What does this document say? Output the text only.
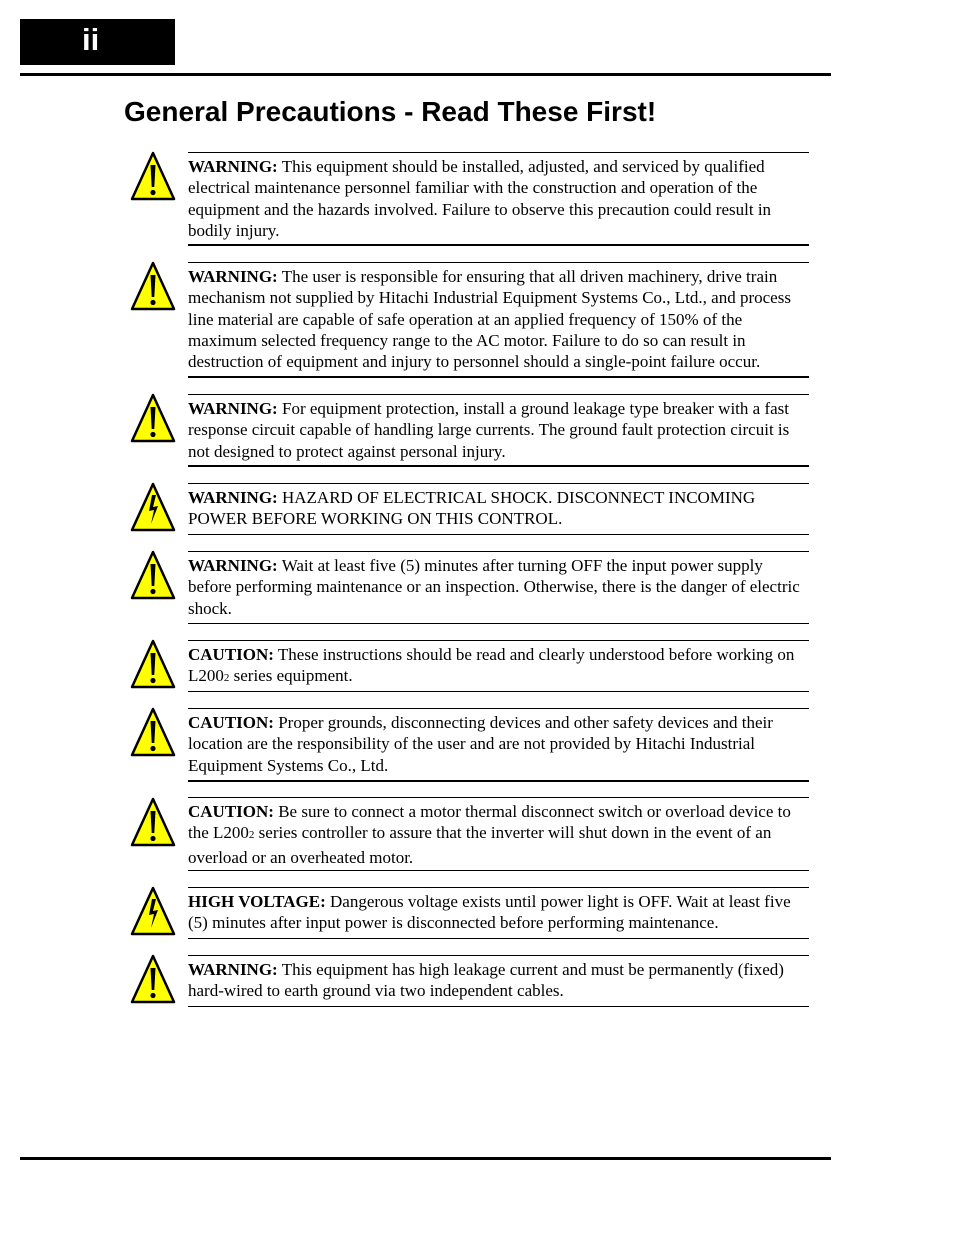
ii
General Precautions - Read These First!

WARNING: This equipment should be installed, adjusted, and serviced by qualified electrical maintenance personnel familiar with the construction and operation of the equipment and the hazards involved. Failure to observe this precaution could result in bodily injury.

WARNING: The user is responsible for ensuring that all driven machinery, drive train mechanism not supplied by Hitachi Industrial Equipment Systems Co., Ltd., and process line material are capable of safe operation at an applied frequency of 150% of the maximum selected frequency range to the AC motor. Failure to do so can result in destruction of equipment and injury to personnel should a single-point failure occur.

WARNING: For equipment protection, install a ground leakage type breaker with a fast response circuit capable of handling large currents. The ground fault protection circuit is not designed to protect against personal injury.

WARNING: HAZARD OF ELECTRICAL SHOCK. DISCONNECT INCOMING POWER BEFORE WORKING ON THIS CONTROL.

WARNING: Wait at least five (5) minutes after turning OFF the input power supply before performing maintenance or an inspection. Otherwise, there is the danger of electric shock.

CAUTION: These instructions should be read and clearly understood before working on L2002 series equipment.

CAUTION: Proper grounds, disconnecting devices and other safety devices and their location are the responsibility of the user and are not provided by Hitachi Industrial Equipment Systems Co., Ltd.

CAUTION: Be sure to connect a motor thermal disconnect switch or overload device to the L2002 series controller to assure that the inverter will shut down in the event of an overload or an overheated motor.

HIGH VOLTAGE: Dangerous voltage exists until power light is OFF. Wait at least five (5) minutes after input power is disconnected before performing maintenance.

WARNING: This equipment has high leakage current and must be permanently (fixed) hard-wired to earth ground via two independent cables.
